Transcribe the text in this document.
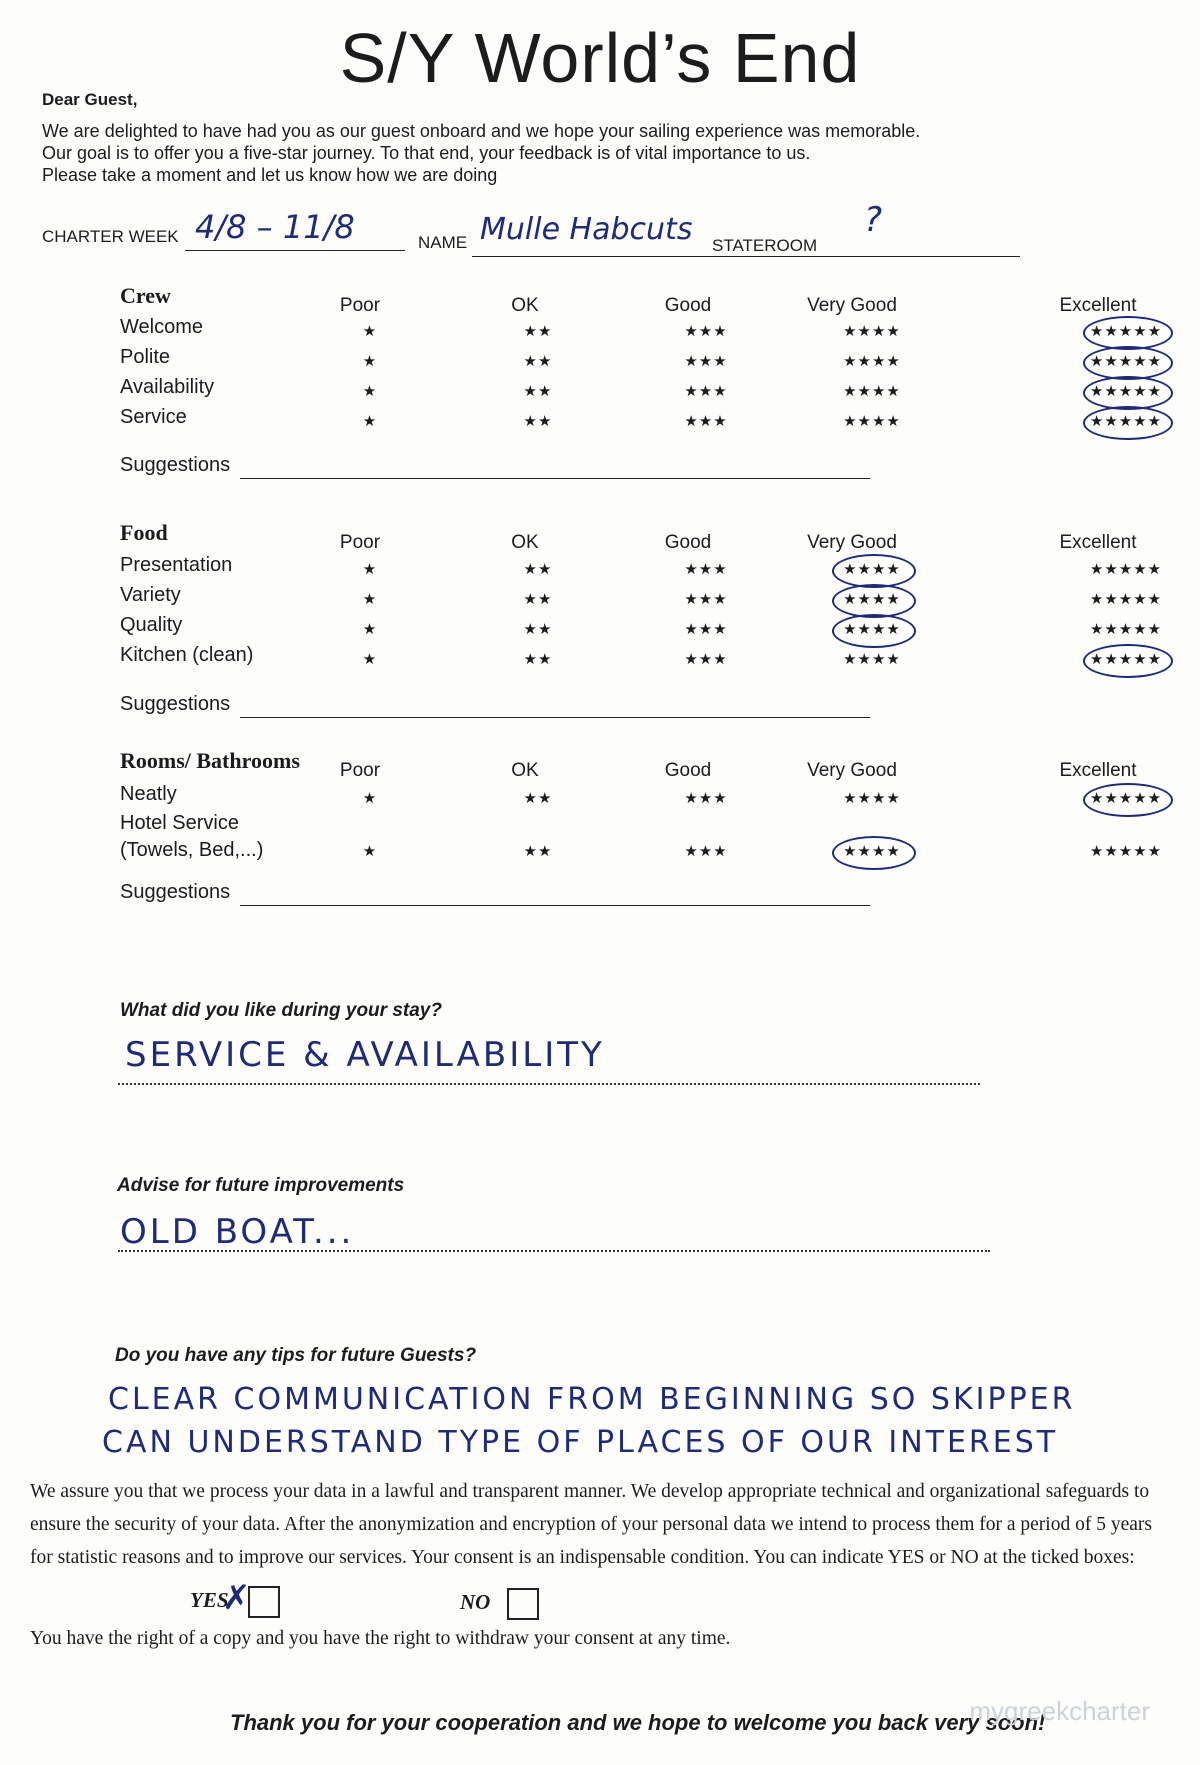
S/Y World’s End
Dear Guest,
We are delighted to have had you as our guest onboard and we hope your sailing experience was memorable.
Our goal is to offer you a five-star journey. To that end, your feedback is of vital importance to us.
Please take a moment and let us know how we are doing
CHARTER WEEK 4/8 – 11/8	NAME Mulle Habcuts STATEROOM
?
Crew	Poor	OK	Good	Very Good	Excellent
Welcome	★	★★	★★★	★★★★	★★★★★
Polite	★	★★	★★★	★★★★	★★★★★
Availability	★	★★	★★★	★★★★	★★★★★
Service	★	★★	★★★	★★★★	★★★★★
Suggestions
Food	Poor	OK	Good	Very Good	Excellent
Presentation	★	★★	★★★	★★★★	★★★★★
Variety	★	★★	★★★	★★★★	★★★★★
Quality	★	★★	★★★	★★★★	★★★★★
Kitchen (clean)	★	★★	★★★	★★★★	★★★★★
Suggestions
Rooms/ Bathrooms	Poor	OK	Good	Very Good	Excellent
Neatly	★	★★	★★★	★★★★	★★★★★
Hotel Service (Towels, Bed,...)	★	★★	★★★	★★★★	★★★★★
Suggestions
What did you like during your stay?
SERVICE & AVAILABILITY
Advise for future improvements
OLD BOAT...
Do you have any tips for future Guests?
CLEAR COMMUNICATION FROM BEGINNING SO SKIPPER
CAN UNDERSTAND TYPE OF PLACES OF OUR INTEREST
We assure you that we process your data in a lawful and transparent manner. We develop appropriate technical and organizational safeguards to
ensure the security of your data. After the anonymization and encryption of your personal data we intend to process them for a period of 5 years
for statistic reasons and to improve our services. Your consent is an indispensable condition. You can indicate YES or NO at the ticked boxes:
YES
✗	NO
You have the right of a copy and you have the right to withdraw your consent at any time.
Thank you for your cooperation and we hope to welcome you back very soon!
mygreekcharter
